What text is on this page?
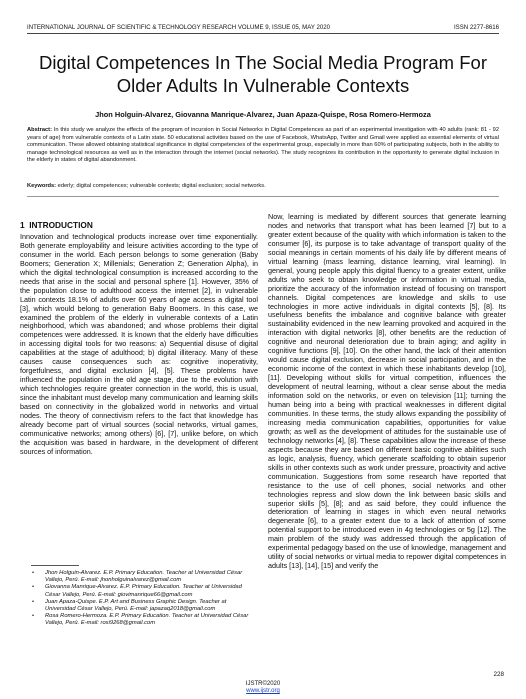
INTERNATIONAL JOURNAL OF SCIENTIFIC & TECHNOLOGY RESEARCH VOLUME 9, ISSUE 05, MAY 2020	ISSN 2277-8616
Digital Competences In The Social Media Program For Older Adults In Vulnerable Contexts
Jhon Holguin-Alvarez, Giovanna Manrique-Alvarez, Juan Apaza-Quispe, Rosa Romero-Hermoza
Abstract: In this study we analyze the effects of the program of incursion in Social Networks in Digital Competences as part of an experimental investigation with 40 adults (rank: 81 - 92 years of age) from vulnerable contexts of a Latin state. 50 educational activities based on the use of Facebook, WhatsApp, Twitter and Gmail were applied as essential elements of virtual communication. These allowed obtaining statistical significance in digital competencies of the experimental group, especially in more than 60% of participating subjects, both in the ability to manage technological resources as well as in the interaction through the internet (social networks). The study recognizes its contribution in the opportunity to generate digital inclusion in the elderly in states of digital abandonment.
Keywords: ederly; digital competences; vulnerable contexts; digital exclusion; social networks.
1 INTRODUCTION
Innovation and technological products increase over time exponentially. Both generate employability and leisure activities according to the type of consumer in the world. Each person belongs to some generation (Baby Boomers; Generation X; Millenials; Generation Z; Generation Alpha), in which the digital technological consumption is increased according to the needs that arise in the social and personal sphere [1]. However, 35% of the population close to adulthood access the internet [2], in vulnerable Latin contexts 18.1% of adults over 60 years of age access a digital tool [3], which would belong to generation Baby Boomers. In this case, we examined the problem of the elderly in vulnerable contexts of a Latin neighborhood, which was abandoned; and whose problems their digital competences were addressed. It is known that the elderly have difficulties in accessing digital tools for two reasons: a) Sequential disuse of digital capabilities at the stage of adulthood; b) digital illiteracy. Many of these causes cause consequences such as: cognitive inoperativity, forgetfulness, and digital exclusion [4], [5]. These problems have influenced the population in the old age stage, due to the evolution with which technologies require greater connection in the world, this is usual, since the inhabitant must develop many communication and learning skills based on connectivity in the globalized world in networks and virtual nodes. The theory of connectivism refers to the fact that knowledge has already become part of virtual sources (social networks, virtual games, communicative networks; among others) [6], [7], unlike before, on which the acquisition was based in hardware, in the development of different sources of information.
Now, learning is mediated by different sources that generate learning nodes and networks that transport what has been learned [7] but to a greater extent because of the quality with which information is taken to the consumer [6], its purpose is to take advantage of transport quality of the social meanings in certain moments of his daily life by different means of virtual learning (mass learning, distance learning, viral learning). In general, young people apply this digital fluency to a greater extent, unlike adults who seek to obtain knowledge or information in virtual media, prioritize the accuracy of the information instead of focusing on transport channels. Digital competences are knowledge and skills to use technologies in more active individuals in digital contexts [5], [8]. Its usefulness benefits the imbalance and cognitive balance with greater sustainability evidenced in the new learning provoked and acquired in the interaction with digital networks [8], other benefits are the reduction of cognitive and neuronal deterioration due to brain aging; and agility in cognitive functions [9], [10]. On the other hand, the lack of their attention would cause digital exclusion, decrease in social participation, and in the economic income of the context in which these inhabitants develop [10], [11]. Developing without skills for virtual competition, influences the development of neutral learning, without a clear sense about the media information sold on the networks, or even on television [11]; turning the human being into a being with practical weaknesses in different digital communities. In these terms, the study allows expanding the possibility of increasing media communication capabilities, opportunities for value growth; as well as the development of attitudes for the sustainable use of technology networks [4], [8]. These capabilities allow the increase of these aspects because they are based on different basic cognitive abilities such as logic, analysis, fluency, which generate scaffolding to obtain superior skills in other contexts such as work under pressure, proactivity and active communication. Suggestions from some research have reported that resistance to the use of cell phones, social networks and other technologies repress and slow down the link between basic skills and superior skills [5], [8]; and as said before, they could influence the deterioration of learning in stages in which even neural networks degenerate [6], to a greater extent due to a lack of attention of some potential support to be introduced even in 4g technologies or 5g [12]. The main problem of the study was addressed through the application of experimental pedagogy based on the use of knowledge, management and utility of social networks or virtual media to repower digital competences in adults [13], [14], [15] and verify the
• Jhon Holguin-Alvarez. E.P. Primary Education. Teacher at Universidad César Vallejo, Perú. E-mail: jhonholguinalvarez@gmail.com
• Giovanna Manrique-Alvarez. E.P. Primary Education. Teacher at Universidad César Vallejo, Perú. E-mail: giovimanrique66@gmail.com
• Juan Apaza-Quispe. E.P. Art and Business Graphic Design. Teacher at Universidad César Vallejo, Perú. E-mail: japazaq2018@gmail.com
• Rosa Romero-Hermoza. E.P. Primary Education. Teacher at Universidad César Vallejo, Perú. E-mail: rosi9268@gmail.com
228
IJSTR©2020
www.ijstr.org
